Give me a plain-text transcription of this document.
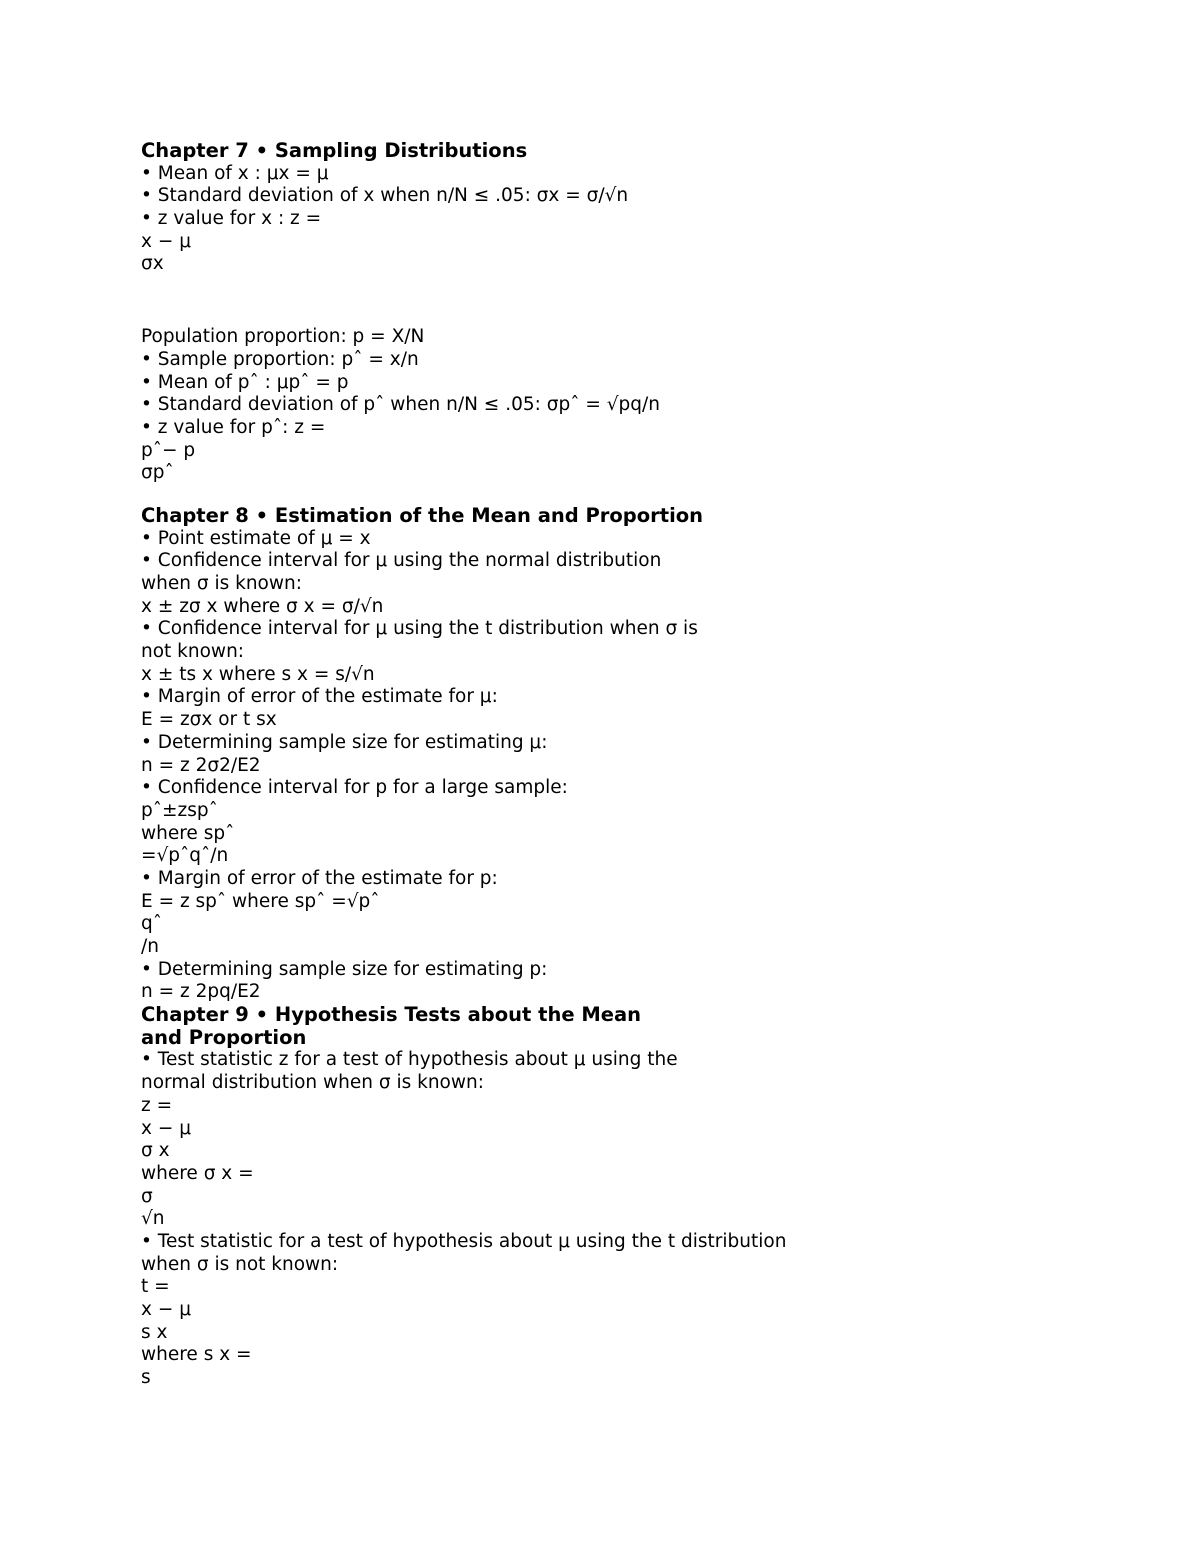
Chapter 7 • Sampling Distributions
• Mean of x : μx = μ
• Standard deviation of x when n/N ≤ .05: σx = σ/√n
• z value for x : z =
x − μ
σx
Population proportion: p = X/N
• Sample proportion: pˆ = x/n
• Mean of pˆ : μpˆ = p
• Standard deviation of pˆ when n/N ≤ .05: σpˆ = √pq/n
• z value for pˆ: z =
pˆ− p
σpˆ
Chapter 8 • Estimation of the Mean and Proportion
• Point estimate of μ = x
• Confidence interval for μ using the normal distribution
when σ is known:
x ± zσ x where σ x = σ/√n
• Confidence interval for μ using the t distribution when σ is
not known:
x ± ts x where s x = s/√n
• Margin of error of the estimate for μ:
E = zσx or t sx
• Determining sample size for estimating μ:
n = z 2σ2/E2
• Confidence interval for p for a large sample:
pˆ±zspˆ
where spˆ
=√pˆqˆ/n
• Margin of error of the estimate for p:
E = z spˆ where spˆ =√pˆ
qˆ
/n
• Determining sample size for estimating p:
n = z 2pq/E2
Chapter 9 • Hypothesis Tests about the Mean
and Proportion
• Test statistic z for a test of hypothesis about μ using the
normal distribution when σ is known:
z =
x − μ
σ x
where σ x =
σ
√n
• Test statistic for a test of hypothesis about μ using the t distribution
when σ is not known:
t =
x − μ
s x
where s x =
s
